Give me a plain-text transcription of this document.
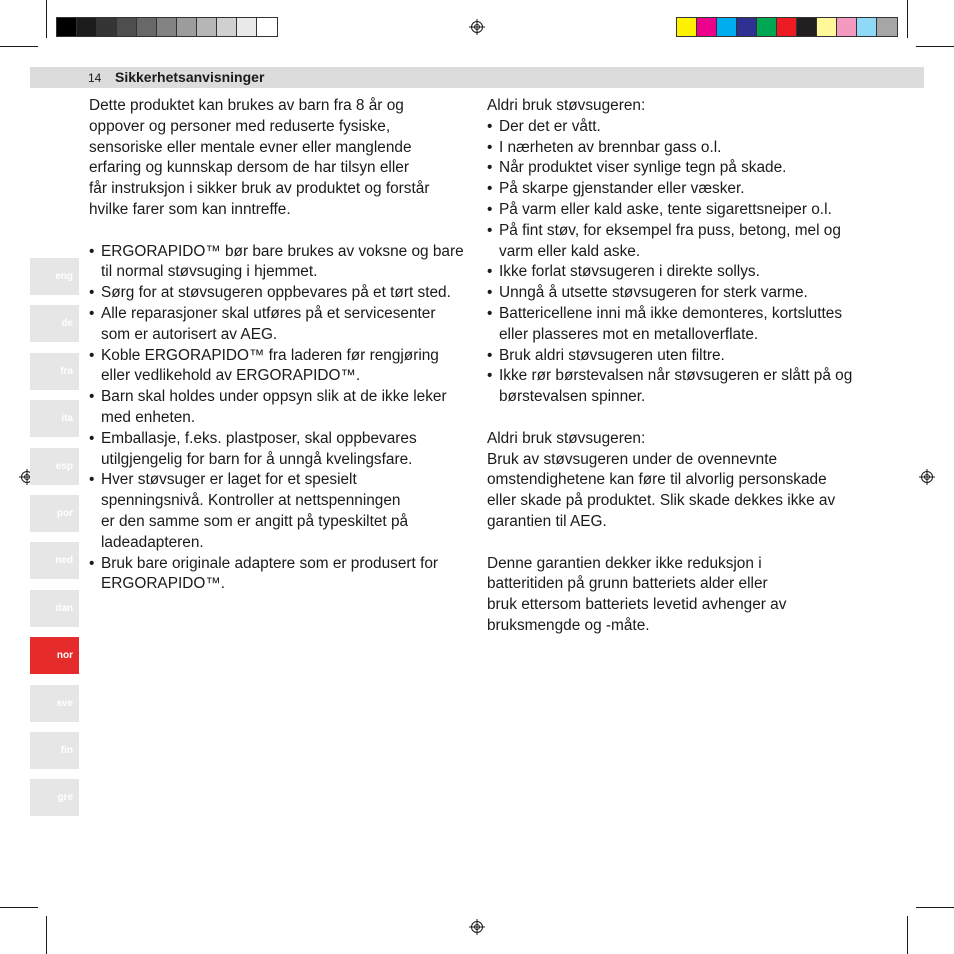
14 Sikkerhetsanvisninger
eng
de
fra
ita
esp
por
ned
dan
nor
sve
fin
gre

Dette produktet kan brukes av barn fra 8 år og
oppover og personer med reduserte fysiske,
sensoriske eller mentale evner eller manglende
erfaring og kunnskap dersom de har tilsyn eller
får instruksjon i sikker bruk av produktet og forstår
hvilke farer som kan inntreffe.

• ERGORAPIDO™ bør bare brukes av voksne og bare
til normal støvsuging i hjemmet.
• Sørg for at støvsugeren oppbevares på et tørt sted.
• Alle reparasjoner skal utføres på et servicesenter
som er autorisert av AEG.
• Koble ERGORAPIDO™ fra laderen før rengjøring
eller vedlikehold av ERGORAPIDO™.
• Barn skal holdes under oppsyn slik at de ikke leker
med enheten.
• Emballasje, f.eks. plastposer, skal oppbevares
utilgjengelig for barn for å unngå kvelingsfare.
• Hver støvsuger er laget for et spesielt
spenningsnivå. Kontroller at nettspenningen
er den samme som er angitt på typeskiltet på
ladeadapteren.
• Bruk bare originale adaptere som er produsert for
ERGORAPIDO™.

Aldri bruk støvsugeren:

• Der det er vått.
• I nærheten av brennbar gass o.l.
• Når produktet viser synlige tegn på skade.
• På skarpe gjenstander eller væsker.
• På varm eller kald aske, tente sigarettsneiper o.l.
• På fint støv, for eksempel fra puss, betong, mel og
varm eller kald aske.
• Ikke forlat støvsugeren i direkte sollys.
• Unngå å utsette støvsugeren for sterk varme.
• Battericellene inni må ikke demonteres, kortsluttes
eller plasseres mot en metalloverflate.
• Bruk aldri støvsugeren uten filtre.
• Ikke rør børstevalsen når støvsugeren er slått på og
børstevalsen spinner.

Aldri bruk støvsugeren:

Bruk av støvsugeren under de ovennevnte
omstendighetene kan føre til alvorlig personskade
eller skade på produktet. Slik skade dekkes ikke av
garantien til AEG.

Denne garantien dekker ikke reduksjon i
batteritiden på grunn batteriets alder eller
bruk ettersom batteriets levetid avhenger av
bruksmengde og -måte.
